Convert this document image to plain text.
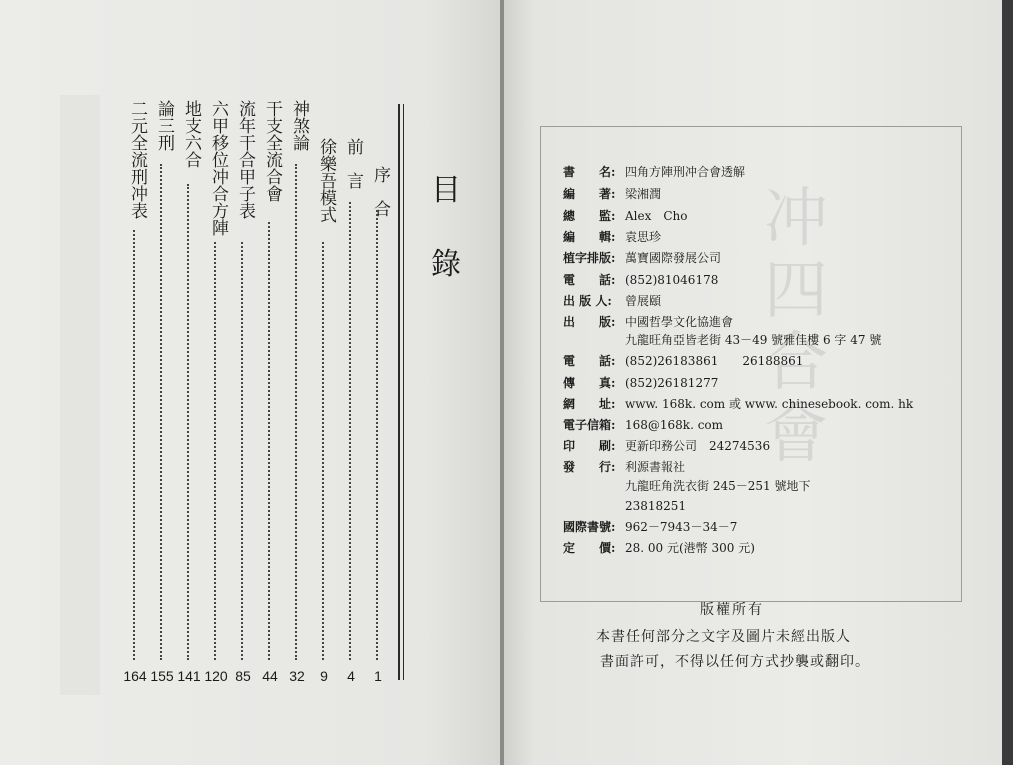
目
錄
二元全流刑冲表
164
論三刑
155
地支六合
141
六甲移位冲合方陣
120
流年干合甲子表
85
干支全流合會
44
神煞論
32
徐樂吾模式
9
前　言
4
序　合
1
冲
四
合
會
書　　名: 四角方陣刑冲合會透解
編　　著: 梁湘潤
總　　監: Alex　Cho
編　　輯: 袁思珍
植字排版: 萬寶國際發展公司
電　　話: (852)81046178
出 版 人: 曾展頤
出　　版: 中國哲學文化協進會
九龍旺角亞皆老街 43－49 號雅佳樓 6 字 47 號
電　　話: (852)26183861　　26188861
傳　　真: (852)26181277
網　　址: www. 168k. com 或 www. chinesebook. com. hk
電子信箱: 168@168k. com
印　　刷: 更新印務公司　24274536
發　　行: 利源書報社
九龍旺角洗衣街 245－251 號地下
23818251
國際書號: 962－7943－34－7
定　　價: 28. 00 元(港幣 300 元)
版權所有
本書任何部分之文字及圖片未經出版人
書面許可，不得以任何方式抄襲或翻印。
